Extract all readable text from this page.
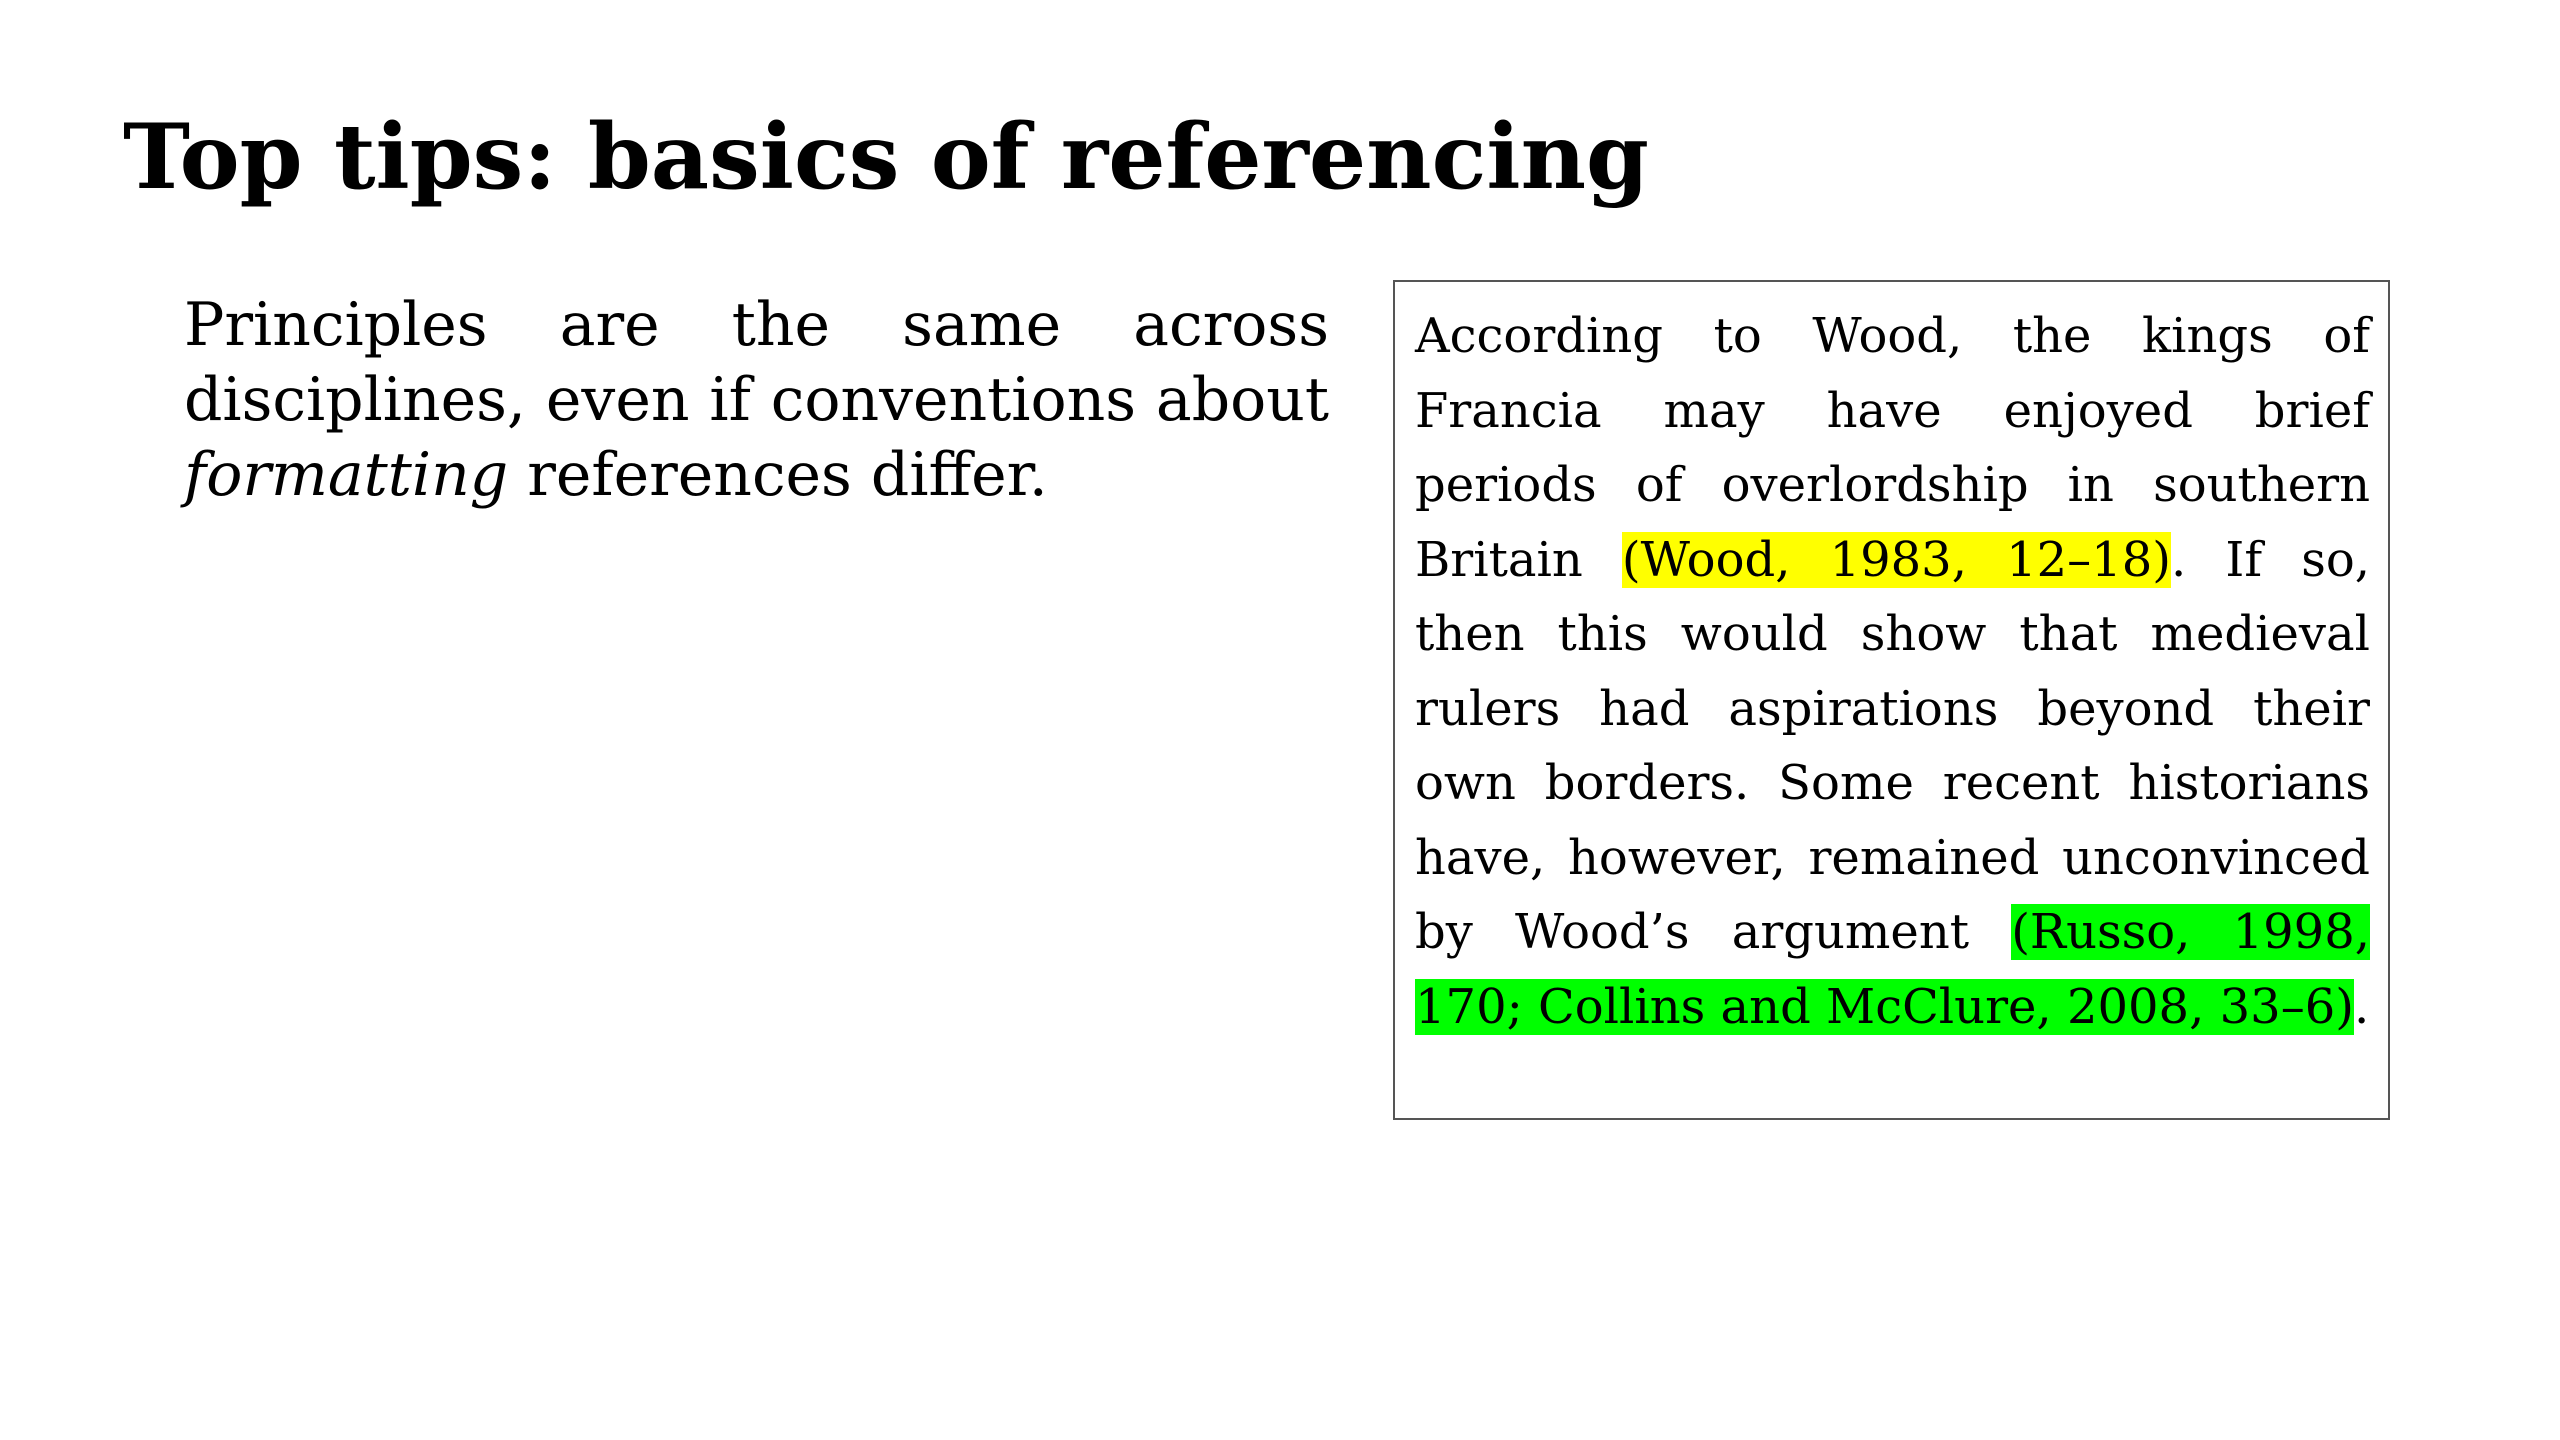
Top tips: basics of referencing

Principles are the same across disciplines, even if conventions about formatting references differ.

According to Wood, the kings of Francia may have enjoyed brief periods of overlordship in southern Britain (Wood, 1983, 12–18). If so, then this would show that medieval rulers had aspirations beyond their own borders. Some recent historians have, however, remained unconvinced by Wood’s argument (Russo, 1998, 170; Collins and McClure, 2008, 33–6).
